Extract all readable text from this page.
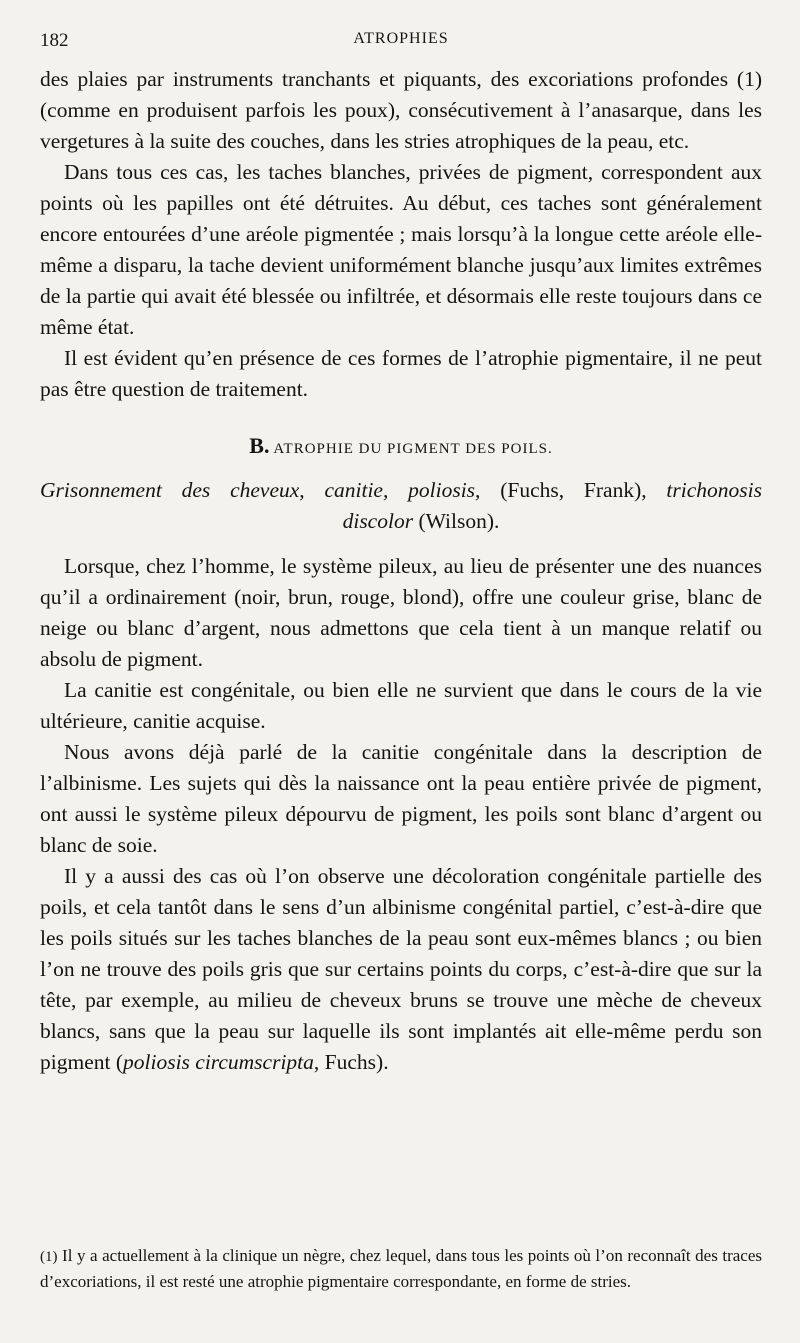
182	ATROPHIES

des plaies par instruments tranchants et piquants, des excoriations profondes (1) (comme en produisent parfois les poux), consécutivement à l’anasarque, dans les vergetures à la suite des couches, dans les stries atrophiques de la peau, etc.

Dans tous ces cas, les taches blanches, privées de pigment, correspondent aux points où les papilles ont été détruites. Au début, ces taches sont généralement encore entourées d’une aréole pigmentée ; mais lorsqu’à la longue cette aréole elle-même a disparu, la tache devient uniformément blanche jusqu’aux limites extrêmes de la partie qui avait été blessée ou infiltrée, et désormais elle reste toujours dans ce même état.

Il est évident qu’en présence de ces formes de l’atrophie pigmentaire, il ne peut pas être question de traitement.

B. ATROPHIE DU PIGMENT DES POILS.
Grisonnement des cheveux, canitie, poliosis, (Fuchs, Frank), trichonosis
discolor (Wilson).

Lorsque, chez l’homme, le système pileux, au lieu de présenter une des nuances qu’il a ordinairement (noir, brun, rouge, blond), offre une couleur grise, blanc de neige ou blanc d’argent, nous admettons que cela tient à un manque relatif ou absolu de pigment.

La canitie est congénitale, ou bien elle ne survient que dans le cours de la vie ultérieure, canitie acquise.

Nous avons déjà parlé de la canitie congénitale dans la description de l’albinisme. Les sujets qui dès la naissance ont la peau entière privée de pigment, ont aussi le système pileux dépourvu de pigment, les poils sont blanc d’argent ou blanc de soie.

Il y a aussi des cas où l’on observe une décoloration congénitale partielle des poils, et cela tantôt dans le sens d’un albinisme congénital partiel, c’est-à-dire que les poils situés sur les taches blanches de la peau sont eux-mêmes blancs ; ou bien l’on ne trouve des poils gris que sur certains points du corps, c’est-à-dire que sur la tête, par exemple, au milieu de cheveux bruns se trouve une mèche de cheveux blancs, sans que la peau sur laquelle ils sont implantés ait elle-même perdu son pigment (poliosis circumscripta, Fuchs).

(1) Il y a actuellement à la clinique un nègre, chez lequel, dans tous les points où l’on reconnaît des traces d’excoriations, il est resté une atrophie pigmentaire correspondante, en forme de stries.
